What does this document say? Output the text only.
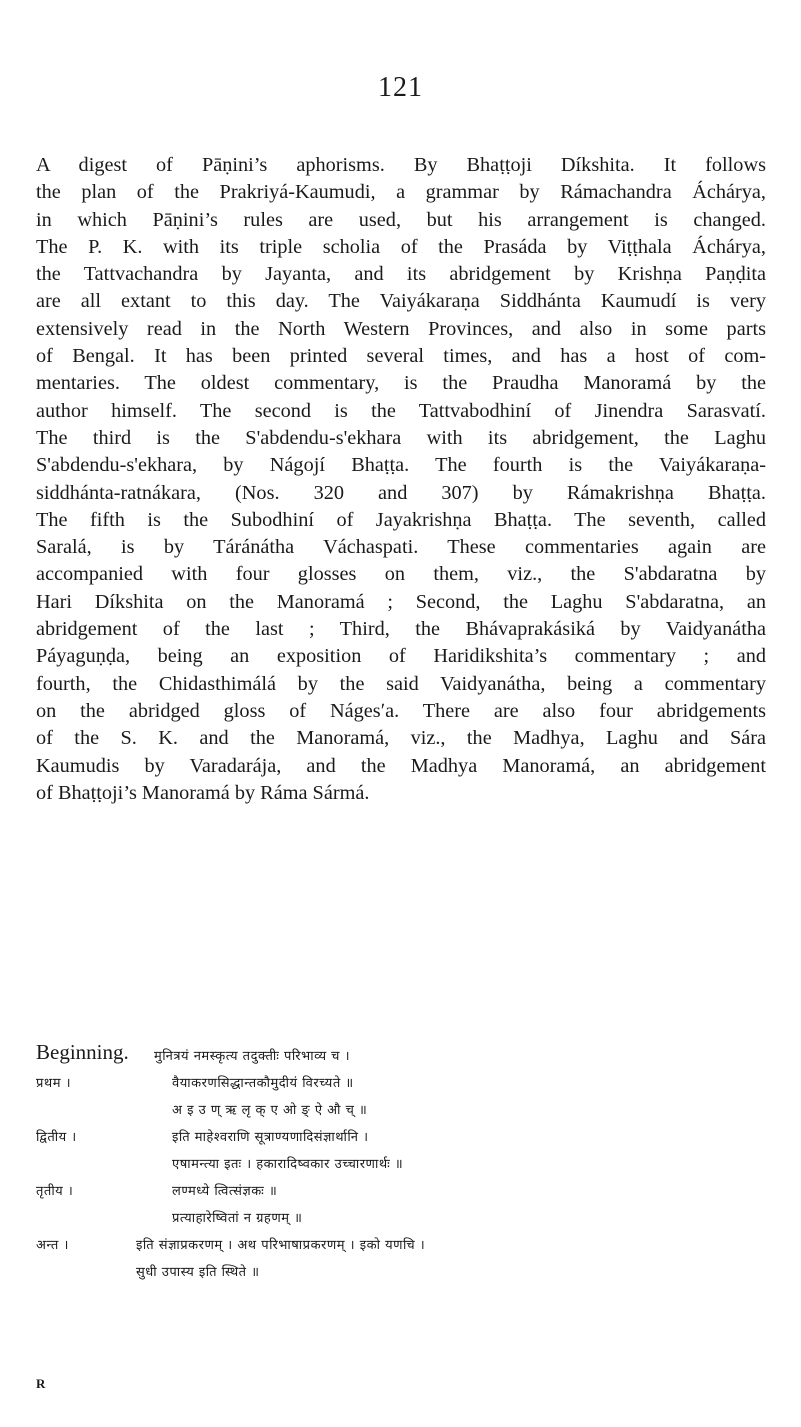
121

A digest of Pāṇini’s aphorisms. By Bhaṭṭoji Díkshita. It follows
the plan of the Prakriyá-Kaumudi, a grammar by Rámachandra Áchárya,
in which Pāṇini’s rules are used, but his arrangement is changed.
The P. K. with its triple scholia of the Prasáda by Viṭṭhala Áchárya,
the Tattvachandra by Jayanta, and its abridgement by Krishṇa Paṇḍita
are all extant to this day. The Vaiyákaraṇa Siddhánta Kaumudí is very
extensively read in the North Western Provinces, and also in some parts
of Bengal. It has been printed several times, and has a host of com-
mentaries. The oldest commentary, is the Praudha Manoramá by the
author himself. The second is the Tattvabodhiní of Jinendra Sarasvatí.
The third is the S'abdendu-s'ekhara with its abridgement, the Laghu
S'abdendu-s'ekhara, by Nágojí Bhaṭṭa. The fourth is the Vaiyákaraṇa-
siddhánta-ratnákara, (Nos. 320 and 307) by Rámakrishṇa Bhaṭṭa.
The fifth is the Subodhiní of Jayakrishṇa Bhaṭṭa. The seventh, called
Saralá, is by Táránátha Váchaspati. These commentaries again are
accompanied with four glosses on them, viz., the S'abdaratna by
Hari Díkshita on the Manoramá ; Second, the Laghu S'abdaratna, an
abridgement of the last ; Third, the Bhávaprakásiká by Vaidyanátha
Páyaguṇḍa, being an exposition of Haridikshita’s commentary ; and
fourth, the Chidasthimálá by the said Vaidyanátha, being a commentary
on the abridged gloss of Nágesʹa. There are also four abridgements
of the S. K. and the Manoramá, viz., the Madhya, Laghu and Sára
Kaumudis by Varadarája, and the Madhya Manoramá, an abridgement
of Bhaṭṭoji’s Manoramá by Ráma Sármá.

Beginning. मुनित्रयं नमस्कृत्य तदुक्तीः परिभाव्य च ।
प्रथम ।	वैयाकरणसिद्धान्तकौमुदीयं विरच्यते ॥
अ इ उ ण् ऋ लृ क् ए ओ ङ् ऐ औ च् ॥
द्वितीय ।	इति माहेश्वराणि सूत्राण्यणादिसंज्ञार्थानि ।
एषामन्त्या इतः । हकारादिष्वकार उच्चारणार्थः ॥
तृतीय ।	लण्मध्ये त्वित्संज्ञकः ॥
प्रत्याहारेष्वितां न ग्रहणम् ॥
अन्त ।	इति संज्ञाप्रकरणम् । अथ परिभाषाप्रकरणम् । इको यणचि ।
सुधी उपास्य इति स्थिते ॥
R
